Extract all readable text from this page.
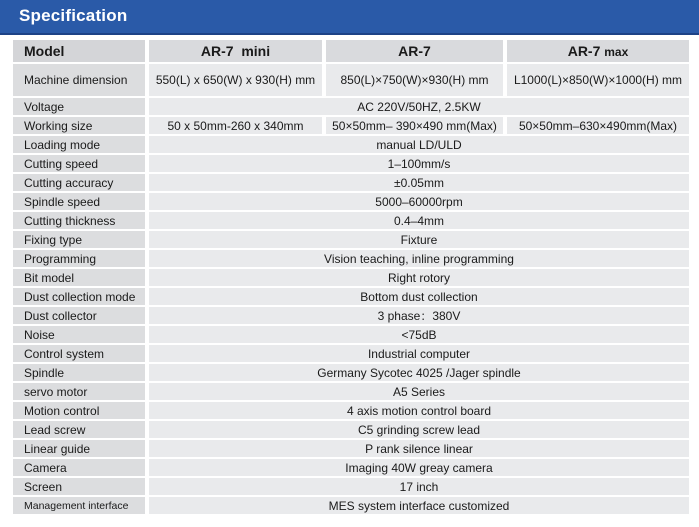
Specification
Model		AR-7 mini		AR-7		AR-7 max
Machine dimension		550(L) x 650(W) x 930(H) mm		850(L)×750(W)×930(H) mm		L1000(L)×850(W)×1000(H) mm
Voltage		AC 220V/50HZ, 2.5KW				
Working size		50 x 50mm-260 x 340mm		50×50mm– 390×490 mm(Max)		50×50mm–630×490mm(Max)
Loading mode		manual LD/ULD				
Cutting speed		1–100mm/s				
Cutting accuracy		±0.05mm				
Spindle speed		5000–60000rpm				
Cutting thickness		0.4–4mm				
Fixing type		Fixture				
Programming		Vision teaching, inline programming				
Bit model		Right rotory				
Dust collection mode		Bottom dust collection				
Dust collector		3 phase：380V				
Noise		<75dB				
Control system		Industrial computer				
Spindle		Germany Sycotec 4025 /Jager spindle				
servo motor		A5 Series				
Motion control		4 axis motion control board				
Lead screw		C5 grinding screw lead				
Linear guide		P rank silence linear				
Camera		Imaging 40W greay camera				
Screen		17 inch				
Management interface		MES system interface customized				
